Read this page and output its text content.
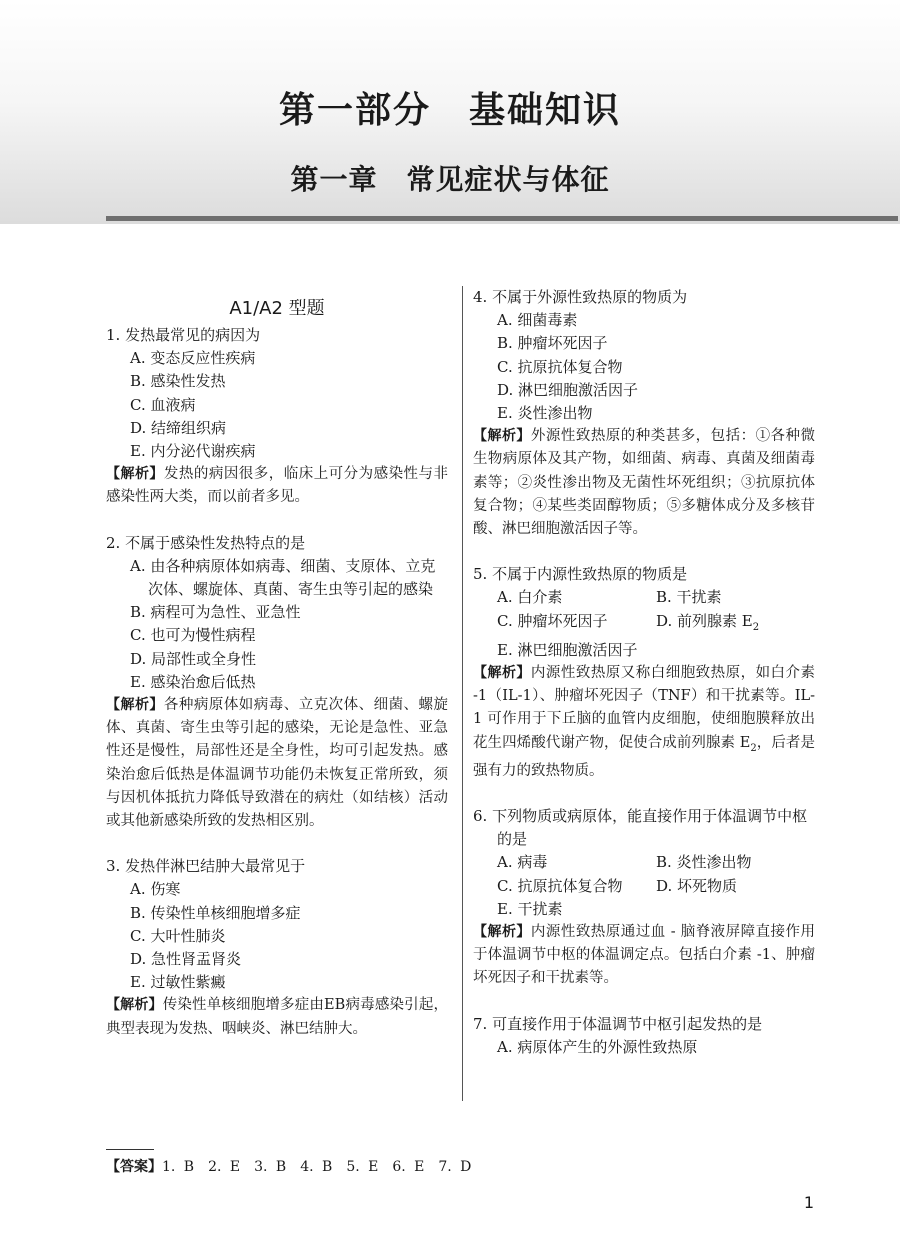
第一部分　基础知识
第一章　常见症状与体征
A1/A2 型题

1. 发热最常见的病因为

A. 变态反应性疾病

B. 感染性发热

C. 血液病

D. 结缔组织病

E. 内分泌代谢疾病

【解析】发热的病因很多，临床上可分为感染性与非感染性两大类，而以前者多见。

2. 不属于感染性发热特点的是

A. 由各种病原体如病毒、细菌、支原体、立克次体、螺旋体、真菌、寄生虫等引起的感染

B. 病程可为急性、亚急性

C. 也可为慢性病程

D. 局部性或全身性

E. 感染治愈后低热

【解析】各种病原体如病毒、立克次体、细菌、螺旋体、真菌、寄生虫等引起的感染，无论是急性、亚急性还是慢性，局部性还是全身性，均可引起发热。感染治愈后低热是体温调节功能仍未恢复正常所致，须与因机体抵抗力降低导致潜在的病灶（如结核）活动或其他新感染所致的发热相区别。

3. 发热伴淋巴结肿大最常见于

A. 伤寒

B. 传染性单核细胞增多症

C. 大叶性肺炎

D. 急性肾盂肾炎

E. 过敏性紫癜

【解析】传染性单核细胞增多症由EB病毒感染引起，典型表现为发热、咽峡炎、淋巴结肿大。

4. 不属于外源性致热原的物质为

A. 细菌毒素

B. 肿瘤坏死因子

C. 抗原抗体复合物

D. 淋巴细胞激活因子

E. 炎性渗出物

【解析】外源性致热原的种类甚多，包括：①各种微生物病原体及其产物，如细菌、病毒、真菌及细菌毒素等；②炎性渗出物及无菌性坏死组织；③抗原抗体复合物；④某些类固醇物质；⑤多糖体成分及多核苷酸、淋巴细胞激活因子等。

5. 不属于内源性致热原的物质是

A. 白介素	B. 干扰素
C. 肿瘤坏死因子	D. 前列腺素 $E_2$

E. 淋巴细胞激活因子

【解析】内源性致热原又称白细胞致热原，如白介素 -1（IL-1）、肿瘤坏死因子（TNF）和干扰素等。IL-1 可作用于下丘脑的血管内皮细胞，使细胞膜释放出花生四烯酸代谢产物，促使合成前列腺素 $E_2$，后者是强有力的致热物质。

6. 下列物质或病原体，能直接作用于体温调节中枢的是

A. 病毒	B. 炎性渗出物
C. 抗原抗体复合物	D. 坏死物质

E. 干扰素

【解析】内源性致热原通过血 - 脑脊液屏障直接作用于体温调节中枢的体温调定点。包括白介素 -1、肿瘤坏死因子和干扰素等。

7. 可直接作用于体温调节中枢引起发热的是

A. 病原体产生的外源性致热原

【答案】1. B　2. E　3. B　4. B　5. E　6. E　7. D
1
